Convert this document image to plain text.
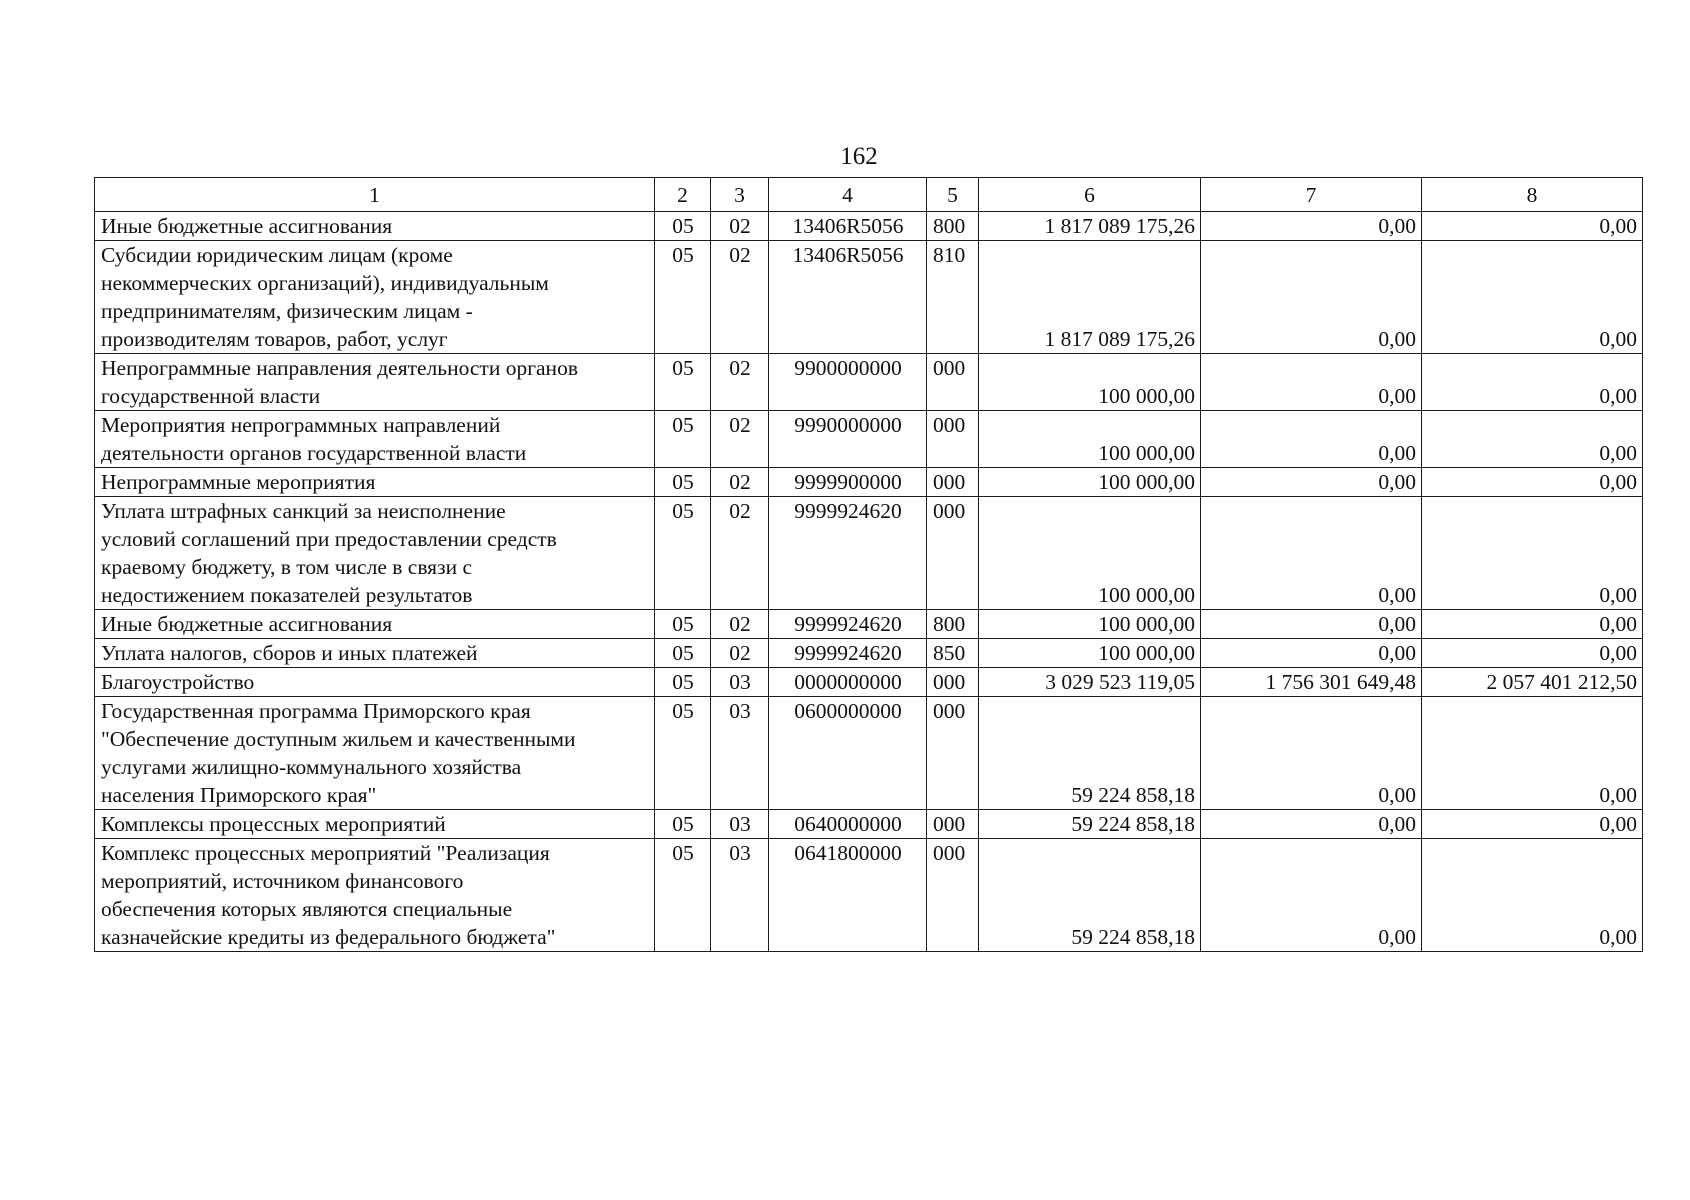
162
1	2	3	4	5	6	7	8

Иные бюджетные ассигнования	05	02	13406R5056	800	1 817 089 175,26	0,00	0,00

Субсидии юридическим лицам (кроме
некоммерческих организаций), индивидуальным
предпринимателям, физическим лицам -
производителям товаров, работ, услуг	05	02	13406R5056	810	1 817 089 175,26	0,00	0,00

Непрограммные направления деятельности органов
государственной власти	05	02	9900000000	000	100 000,00	0,00	0,00

Мероприятия непрограммных направлений
деятельности органов государственной власти	05	02	9990000000	000	100 000,00	0,00	0,00

Непрограммные мероприятия	05	02	9999900000	000	100 000,00	0,00	0,00

Уплата штрафных санкций за неисполнение
условий соглашений при предоставлении средств
краевому бюджету, в том числе в связи с
недостижением показателей результатов	05	02	9999924620	000	100 000,00	0,00	0,00

Иные бюджетные ассигнования	05	02	9999924620	800	100 000,00	0,00	0,00

Уплата налогов, сборов и иных платежей	05	02	9999924620	850	100 000,00	0,00	0,00

Благоустройство	05	03	0000000000	000	3 029 523 119,05	1 756 301 649,48	2 057 401 212,50

Государственная программа Приморского края
"Обеспечение доступным жильем и качественными
услугами жилищно-коммунального хозяйства
населения Приморского края"	05	03	0600000000	000	59 224 858,18	0,00	0,00

Комплексы процессных мероприятий	05	03	0640000000	000	59 224 858,18	0,00	0,00

Комплекс процессных мероприятий "Реализация
мероприятий, источником финансового
обеспечения которых являются специальные
казначейские кредиты из федерального бюджета"	05	03	0641800000	000	59 224 858,18	0,00	0,00
